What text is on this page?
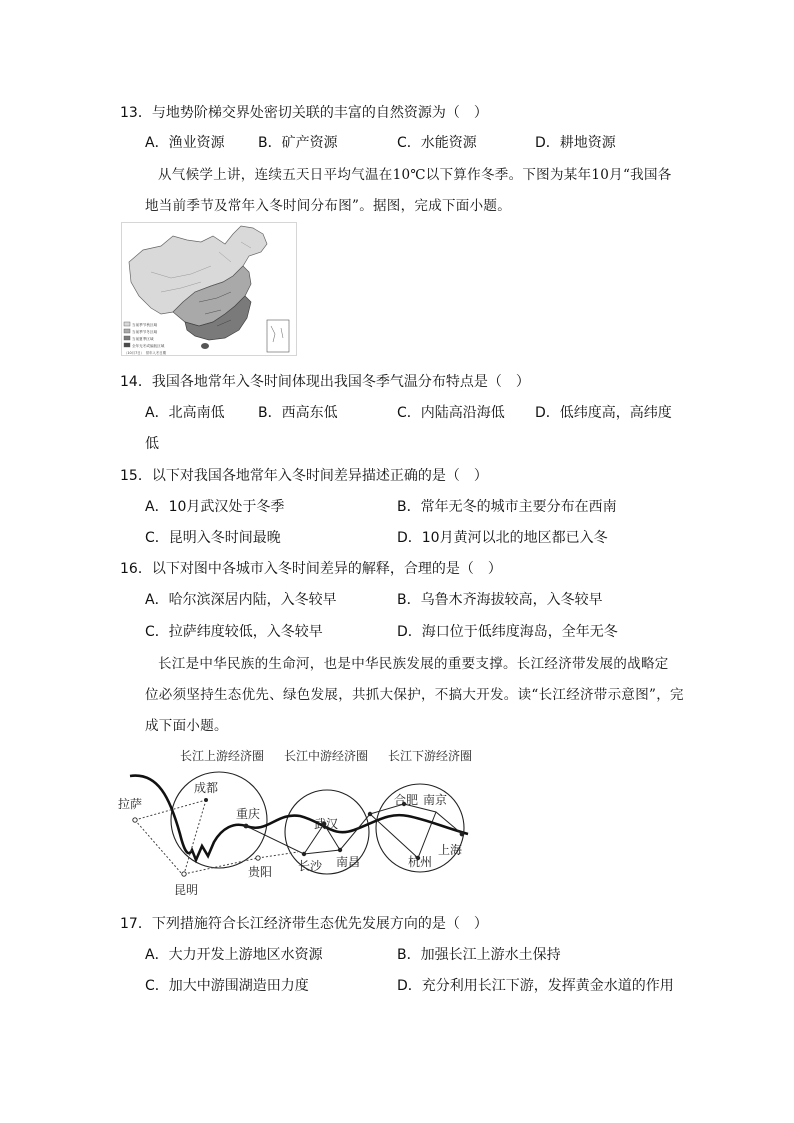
13．与地势阶梯交界处密切关联的丰富的自然资源为（　）
A．渔业资源 B．矿产资源	C．水能资源	D．耕地资源
从气候学上讲，连续五天日平均气温在10℃以下算作冬季。下图为某年10月“我国各
地当前季节及常年入冬时间分布图”。据图，完成下面小题。
当前季节秋区域
当前季节冬区域
当前夏季区域
全年无冬或偏低区域
（10月7日）　常年入冬日期
14．我国各地常年入冬时间体现出我国冬季气温分布特点是（　）
A．北高南低 B．西高东低	C．内陆高沿海低 D．低纬度高，高纬度
低
15．以下对我国各地常年入冬时间差异描述正确的是（　）
A．10月武汉处于冬季	B．常年无冬的城市主要分布在西南
C．昆明入冬时间最晚	D．10月黄河以北的地区都已入冬
16．以下对图中各城市入冬时间差异的解释，合理的是（　）
A．哈尔滨深居内陆，入冬较早	B．乌鲁木齐海拔较高，入冬较早
C．拉萨纬度较低，入冬较早	D．海口位于低纬度海岛，全年无冬
长江是中华民族的生命河，也是中华民族发展的重要支撑。长江经济带发展的战略定
位必须坚持生态优先、绿色发展，共抓大保护，不搞大开发。读“长江经济带示意图”，完
成下面小题。
长江上游经济圈 长江中游经济圈 长江下游经济圈
拉萨
成都
重庆
昆明
贵阳
武汉
长沙 南昌
合肥 南京
杭州
上海
17．下列措施符合长江经济带生态优先发展方向的是（　）
A．大力开发上游地区水资源	B．加强长江上游水土保持
C．加大中游围湖造田力度	D．充分利用长江下游，发挥黄金水道的作用
